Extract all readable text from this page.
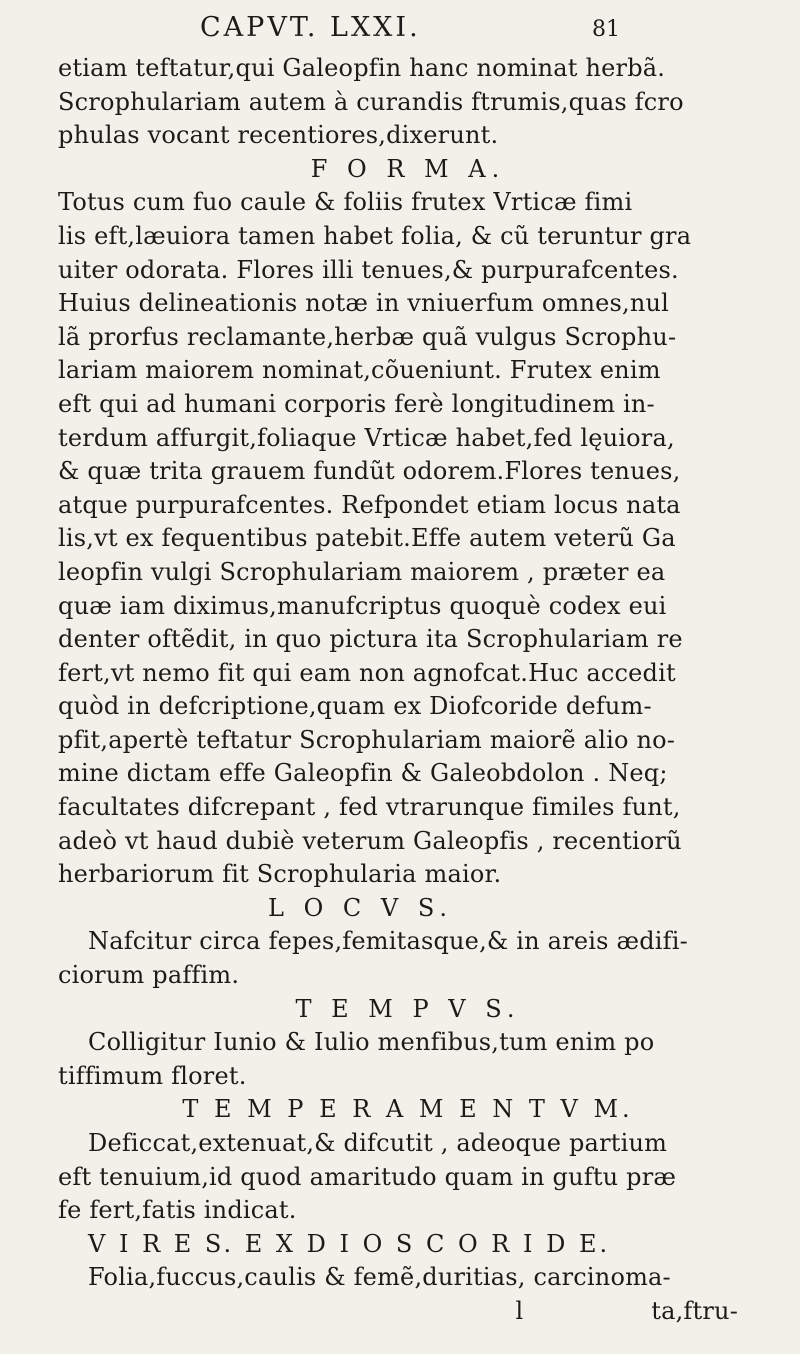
CAPVT. LXXI.	81
etiam teftatur,qui Galeopfin hanc nominat herbã.
Scrophulariam autem à curandis ftrumis,quas fcro
phulas vocant recentiores,dixerunt.
F O R M A.
Totus cum fuo caule & foliis frutex Vrticæ fimi
lis eft,læuiora tamen habet folia, & cũ teruntur gra
uiter odorata. Flores illi tenues,& purpurafcentes.
Huius delineationis notæ in vniuerfum omnes,nul
lã prorfus reclamante,herbæ quã vulgus Scrophu-
lariam maiorem nominat,cõueniunt. Frutex enim
eft qui ad humani corporis ferè longitudinem in-
terdum affurgit,foliaque Vrticæ habet,fed lęuiora,
& quæ trita grauem fundũt odorem.Flores tenues,
atque purpurafcentes. Refpondet etiam locus nata
lis,vt ex fequentibus patebit.Effe autem veterũ Ga
leopfin vulgi Scrophulariam maiorem , præter ea
quæ iam diximus,manufcriptus quoquè codex eui
denter oftẽdit, in quo pictura ita Scrophulariam re
fert,vt nemo fit qui eam non agnofcat.Huc accedit
quòd in defcriptione,quam ex Diofcoride defum-
pfit,apertè teftatur Scrophulariam maiorẽ alio no-
mine dictam effe Galeopfin & Galeobdolon . Neq;
facultates difcrepant , fed vtrarunque fimiles funt,
adeò vt haud dubiè veterum Galeopfis , recentiorũ
herbariorum fit Scrophularia maior.
L O C V S.
Nafcitur circa fepes,femitasque,& in areis ædifi-
ciorum paffim.
T E M P V S.
Colligitur Iunio & Iulio menfibus,tum enim po
tiffimum floret.
T E M P E R A M E N T V M.
Deficcat,extenuat,& difcutit , adeoque partium
eft tenuium,id quod amaritudo quam in guftu præ
fe fert,fatis indicat.
V I R E S. E X D I O S C O R I D E.
Folia,fuccus,caulis & femẽ,duritias, carcinoma-
l	ta,ftru-
